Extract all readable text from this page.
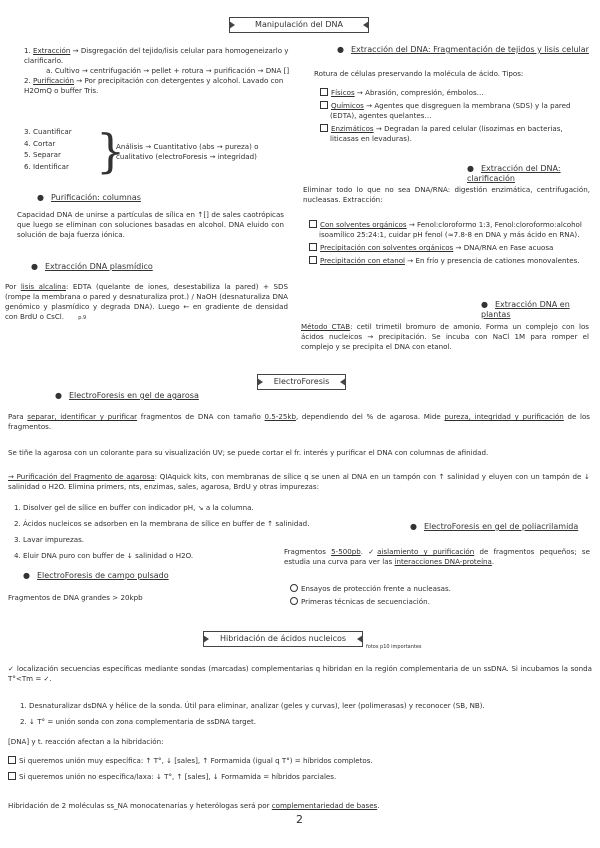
Manipulación del DNA

1. Extracción → Disgregación del tejido/lisis celular para homogeneizarlo y clarificarlo.

a. Cultivo → centrifugación → pellet + rotura → purificación → DNA []

2. Purificación → Por precipitación con detergentes y alcohol. Lavado con H2OmQ o buffer Tris.

3. Cuantificar

4. Cortar

5. Separar

6. Identificar }

Análisis → Cuantitativo (abs → pureza) o

cualitativo (electroForesis → integridad)

● Purificación: columnas

Capacidad DNA de unirse a partículas de sílica en ↑[] de sales caotrópicas que luego se eliminan con soluciones basadas en alcohol. DNA eluido con solución de baja fuerza iónica.

● Extracción DNA plasmídico

Por lisis alcalina: EDTA (quelante de iones, desestabiliza la pared) + SDS (rompe la membrana o pared y desnaturaliza prot.) / NaOH (desnaturaliza DNA genómico y plasmídico y degrada DNA). Luego ← en gradiente de densidad con BrdU o CsCl.	p.9

● Extracción del DNA: Fragmentación de tejidos y lisis celular

Rotura de células preservando la molécula de ácido. Tipos:

Físicos → Abrasión, compresión, émbolos…

Químicos → Agentes que disgreguen la membrana (SDS) y la pared (EDTA), agentes quelantes…

Enzimáticos → Degradan la pared celular (lisozimas en bacterias, liticasas en levaduras).

● Extracción del DNA: clarificación

Eliminar todo lo que no sea DNA/RNA: digestión enzimática, centrifugación, nucleasas. Extracción:

Con solventes orgánicos → Fenol:cloroformo 1:3, Fenol:cloroformo:alcohol isoamílico 25:24:1, cuidar pH fenol (≈7.8-8 en DNA y más ácido en RNA).

Precipitación con solventes orgánicos → DNA/RNA en Fase acuosa

Precipitación con etanol → En frío y presencia de cationes monovalentes.

● Extracción DNA en plantas

Método CTAB: cetil trimetil bromuro de amonio. Forma un complejo con los ácidos nucleicos → precipitación. Se incuba con NaCl 1M para romper el complejo y se precipita el DNA con etanol.

ElectroForesis
● ElectroForesis en gel de agarosa

Para separar, identificar y purificar fragmentos de DNA con tamaño 0.5-25kb, dependiendo del % de agarosa. Mide pureza, integridad y purificación de los fragmentos.

Se tiñe la agarosa con un colorante para su visualización UV; se puede cortar el fr. interés y purificar el DNA con columnas de afinidad.

→ Purificación del Fragmento de agarosa: QIAquick kits, con membranas de sílice q se unen al DNA en un tampón con ↑ salinidad y eluyen con un tampón de ↓ salinidad o H2O. Elimina primers, nts, enzimas, sales, agarosa, BrdU y otras impurezas:

1. Disolver gel de sílice en buffer con indicador pH, ↘ a la columna.

2. Ácidos nucleicos se adsorben en la membrana de sílice en buffer de ↑ salinidad.

3. Lavar impurezas.

4. Eluir DNA puro con buffer de ↓ salinidad o H2O.

● ElectroForesis de campo pulsado

Fragmentos de DNA grandes > 20kpb

● ElectroForesis en gel de poliacrilamida

Fragmentos 5-500pb. ✓aislamiento y purificación de fragmentos pequeños; se estudia una curva para ver las interacciones DNA-proteína.

Ensayos de protección frente a nucleasas.

Primeras técnicas de secuenciación.

Hibridación de ácidos nucleicos
fotos p10 importantes

✓ localización secuencias específicas mediante sondas (marcadas) complementarias q hibridan en la región complementaria de un ssDNA. Si incubamos la sonda T°<Tm = ✓.

1. Desnaturalizar dsDNA y hélice de la sonda. Útil para eliminar, analizar (geles y curvas), leer (polimerasas) y reconocer (SB, NB).

2. ↓ T° = unión sonda con zona complementaria de ssDNA target.

[DNA] y t. reacción afectan a la hibridación:

Si queremos unión muy específica: ↑ T°, ↓ [sales], ↑ Formamida (igual q T°) = híbridos completos.

Si queremos unión no específica/laxa: ↓ T°, ↑ [sales], ↓ Formamida = híbridos parciales.

Hibridación de 2 moléculas ss_NA monocatenarias y heterólogas será por complementariedad de bases.

2
